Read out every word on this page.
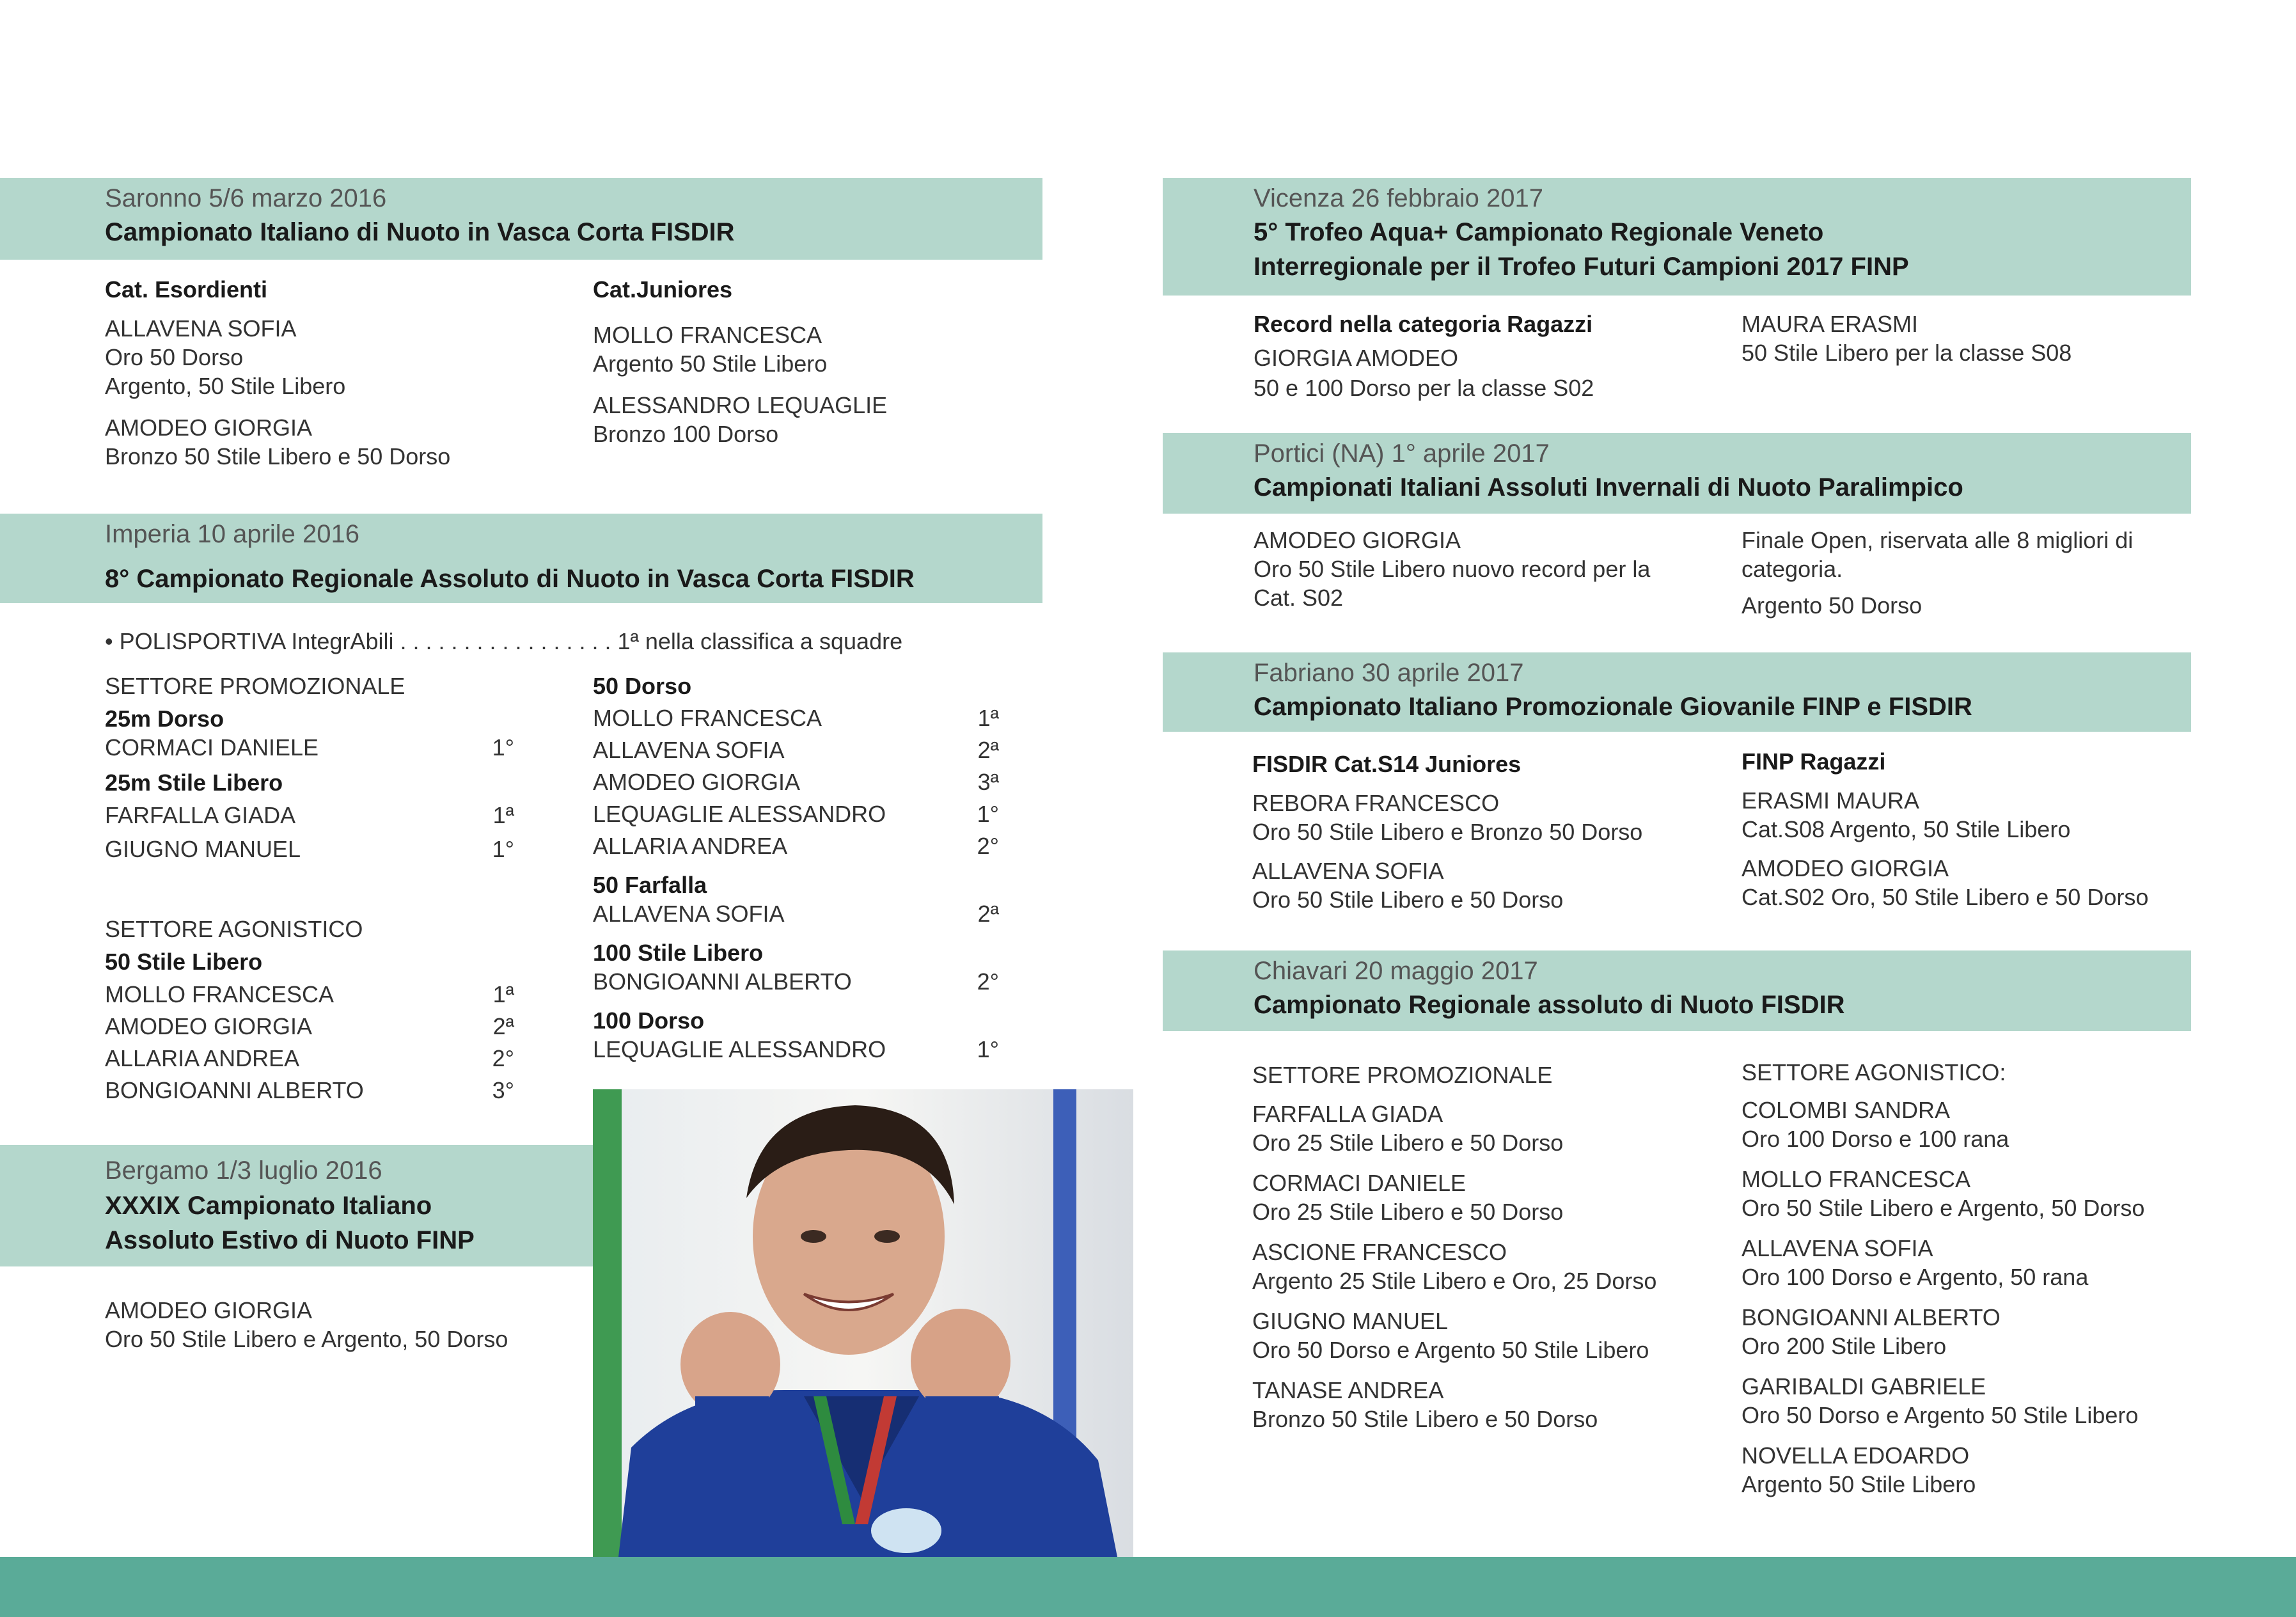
Saronno 5/6 marzo 2016
Campionato Italiano di Nuoto in Vasca Corta FISDIR
Cat. Esordienti
ALLAVENA SOFIA
Oro 50 Dorso
Argento, 50 Stile Libero
AMODEO GIORGIA
Bronzo 50 Stile Libero e 50 Dorso
Cat.Juniores
MOLLO FRANCESCA
Argento 50 Stile Libero
ALESSANDRO LEQUAGLIE
Bronzo 100 Dorso
Imperia 10 aprile 2016
8° Campionato Regionale Assoluto di Nuoto in Vasca Corta FISDIR
• POLISPORTIVA IntegrAbili . . . . . . . . . . . . . . . . . 1ª nella classifica a squadre
SETTORE PROMOZIONALE
25m Dorso
CORMACI DANIELE	1°
25m Stile Libero
FARFALLA GIADA	1ª
GIUGNO MANUEL	1°
SETTORE AGONISTICO
50 Stile Libero
MOLLO FRANCESCA	1ª
AMODEO GIORGIA	2ª
ALLARIA ANDREA	2°
BONGIOANNI ALBERTO	3°
50 Dorso
MOLLO FRANCESCA	1ª
ALLAVENA SOFIA	2ª
AMODEO GIORGIA	3ª
LEQUAGLIE ALESSANDRO	1°
ALLARIA ANDREA	2°
50 Farfalla
ALLAVENA SOFIA	2ª
100 Stile Libero
BONGIOANNI ALBERTO	2°
100 Dorso
LEQUAGLIE ALESSANDRO	1°
Bergamo 1/3 luglio 2016
XXXIX Campionato Italiano
Assoluto Estivo di Nuoto FINP
AMODEO GIORGIA
Oro 50 Stile Libero e Argento, 50 Dorso
Vicenza 26 febbraio 2017
5° Trofeo Aqua+ Campionato Regionale Veneto
Interregionale per il Trofeo Futuri Campioni 2017 FINP
Record nella categoria Ragazzi
GIORGIA AMODEO
50 e 100 Dorso per la classe S02
MAURA ERASMI
50 Stile Libero per la classe S08
Portici (NA) 1° aprile 2017
Campionati Italiani Assoluti Invernali di Nuoto Paralimpico
AMODEO GIORGIA
Oro 50 Stile Libero nuovo record per la
Cat. S02
Finale Open, riservata alle 8 migliori di
categoria.
Argento 50 Dorso
Fabriano 30 aprile 2017
Campionato Italiano Promozionale Giovanile FINP e FISDIR
FISDIR Cat.S14 Juniores
REBORA FRANCESCO
Oro 50 Stile Libero e Bronzo 50 Dorso
ALLAVENA SOFIA
Oro 50 Stile Libero e 50 Dorso
FINP Ragazzi
ERASMI MAURA
Cat.S08 Argento, 50 Stile Libero
AMODEO GIORGIA
Cat.S02 Oro, 50 Stile Libero e 50 Dorso
Chiavari 20 maggio 2017
Campionato Regionale assoluto di Nuoto FISDIR
SETTORE PROMOZIONALE
FARFALLA GIADA
Oro 25 Stile Libero e 50 Dorso
CORMACI DANIELE
Oro 25 Stile Libero e 50 Dorso
ASCIONE FRANCESCO
Argento 25 Stile Libero e Oro, 25 Dorso
GIUGNO MANUEL
Oro 50 Dorso e Argento 50 Stile Libero
TANASE ANDREA
Bronzo 50 Stile Libero e 50 Dorso
SETTORE AGONISTICO:
COLOMBI SANDRA
Oro 100 Dorso e 100 rana
MOLLO FRANCESCA
Oro 50 Stile Libero e Argento, 50 Dorso
ALLAVENA SOFIA
Oro 100 Dorso e Argento, 50 rana
BONGIOANNI ALBERTO
Oro 200 Stile Libero
GARIBALDI GABRIELE
Oro 50 Dorso e Argento 50 Stile Libero
NOVELLA EDOARDO
Argento 50 Stile Libero
